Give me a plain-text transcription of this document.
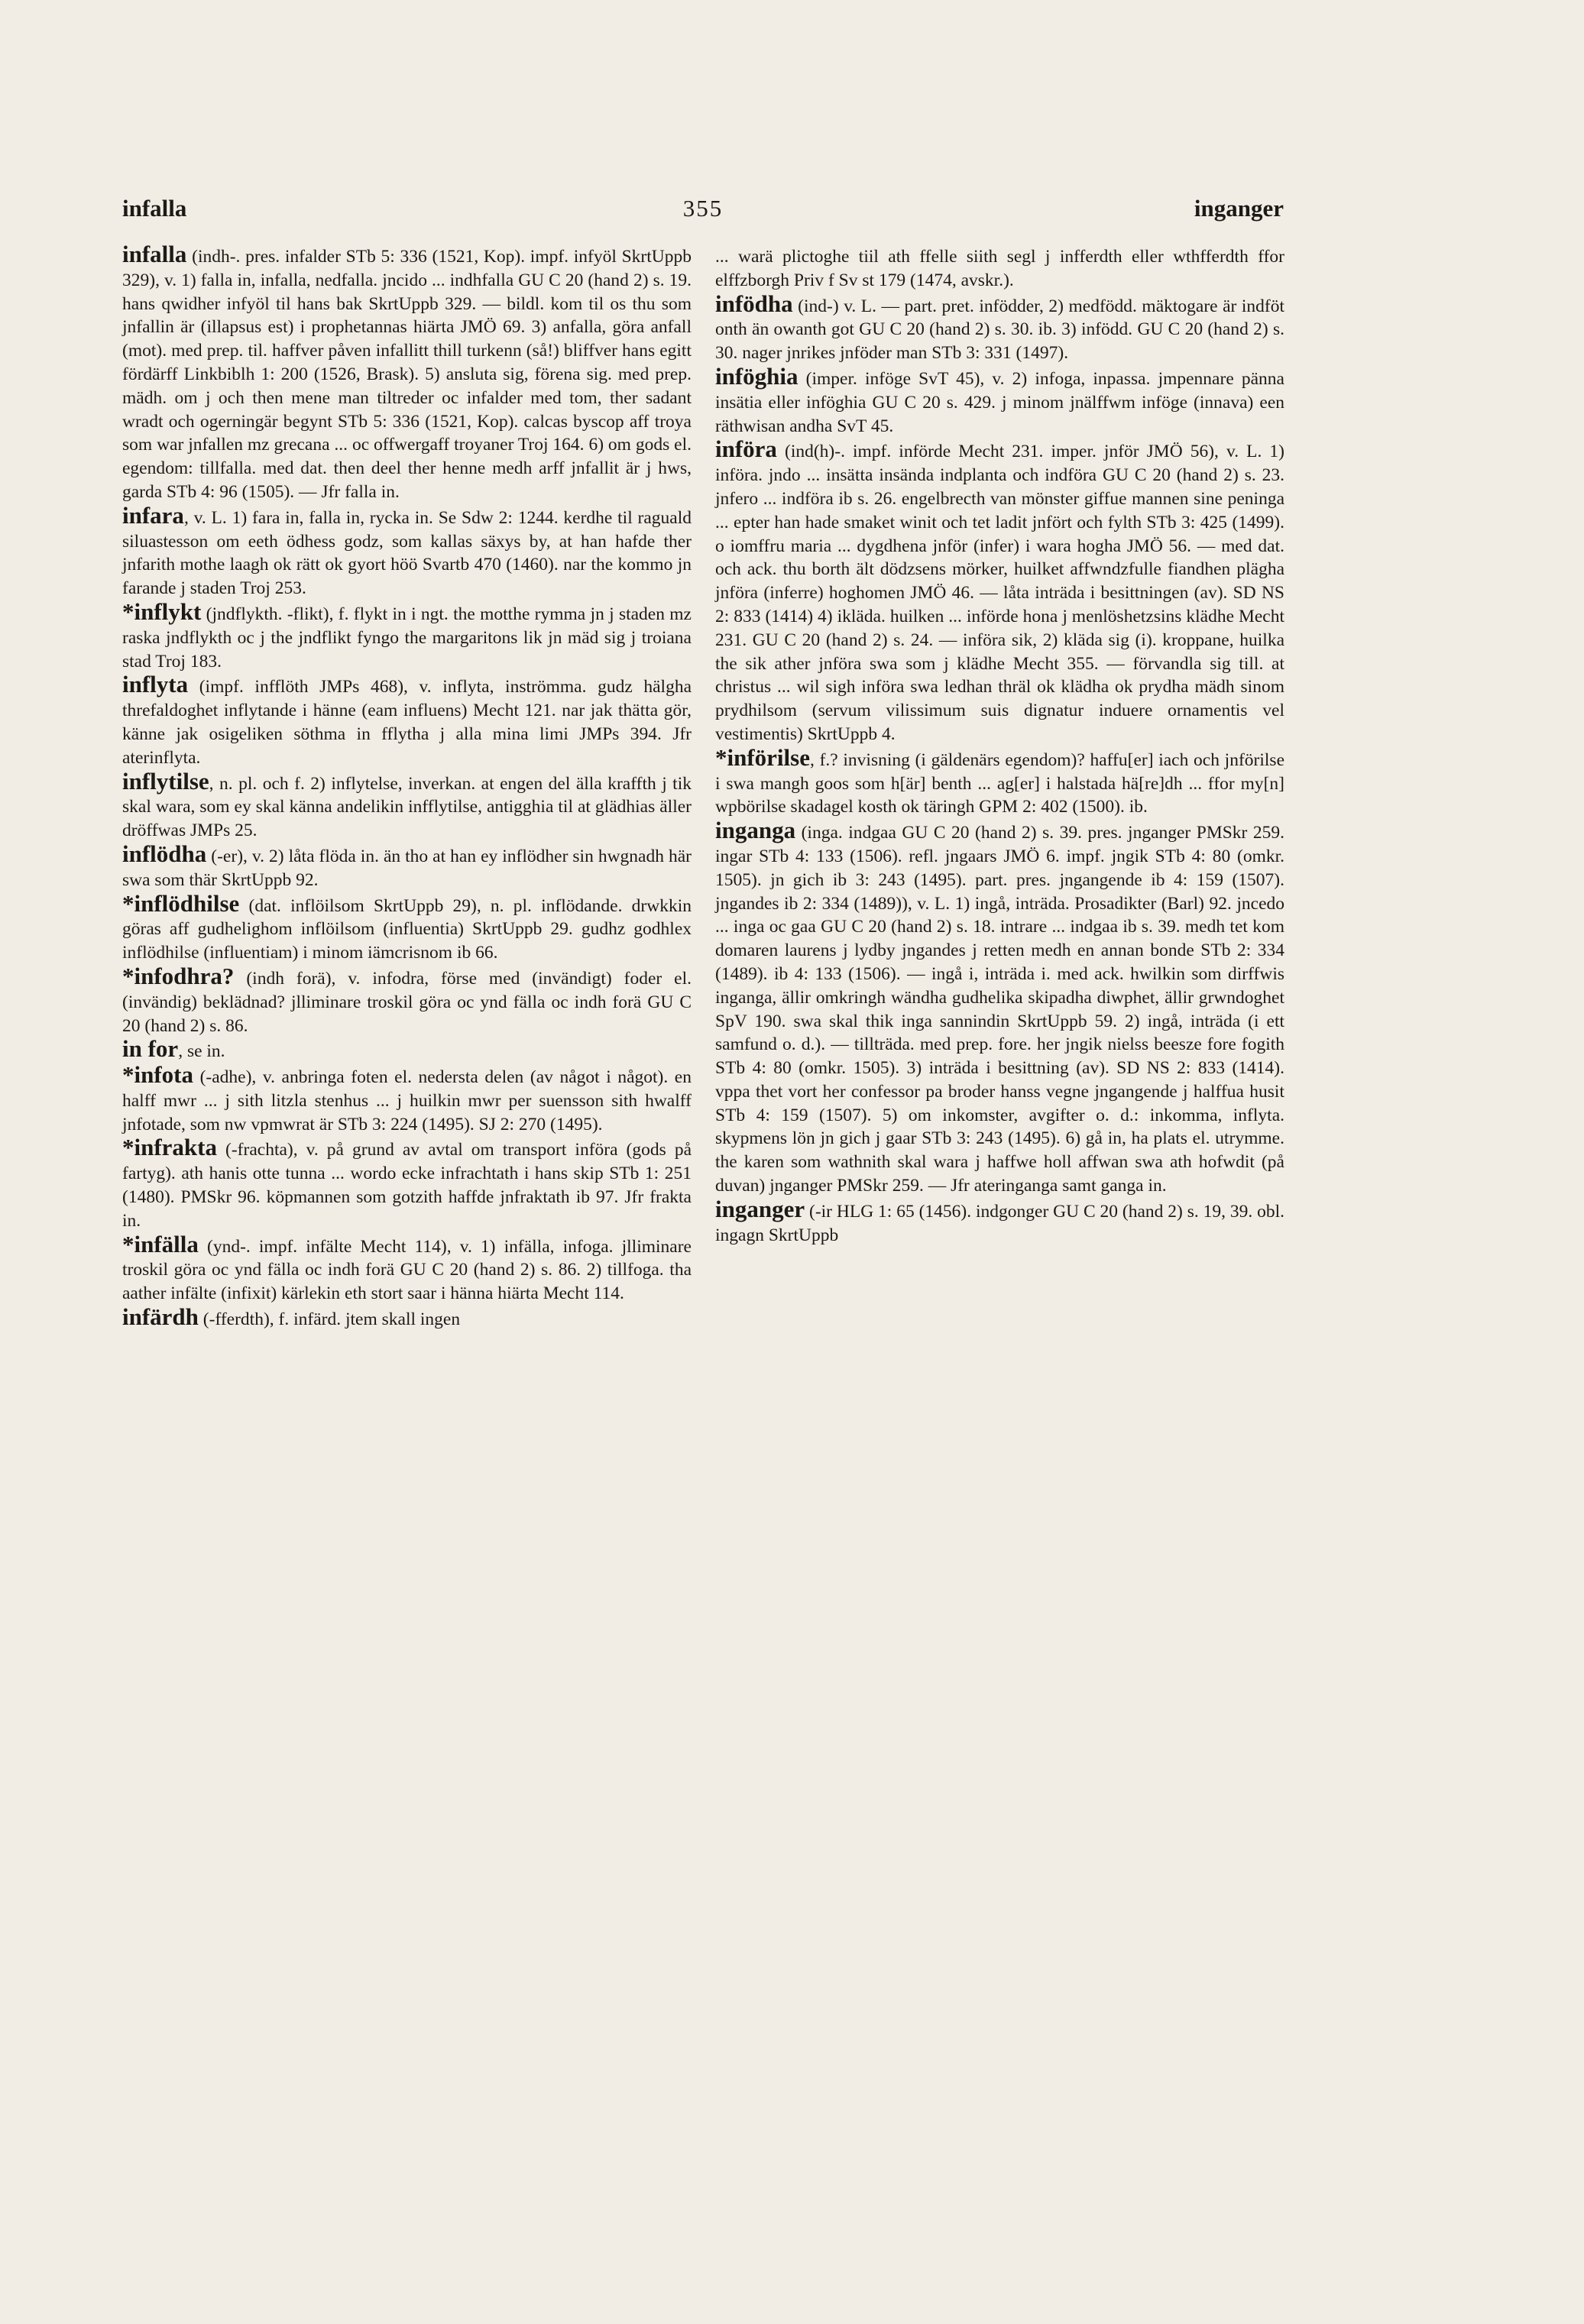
355
infalla	inganger

infalla (indh-. pres. infalder STb 5: 336 (1521, Kop). impf. infyöl SkrtUppb 329), v. 1) falla in, infalla, nedfalla. jncido ... indhfalla GU C 20 (hand 2) s. 19. hans qwidher infyöl til hans bak SkrtUppb 329. — bildl. kom til os thu som jnfallin är (illapsus est) i prophetannas hiärta JMÖ 69. 3) anfalla, göra anfall (mot). med prep. til. haffver påven infallitt thill turkenn (så!) bliffver hans egitt fördärff Linkbiblh 1: 200 (1526, Brask). 5) ansluta sig, förena sig. med prep. mädh. om j och then mene man tiltreder oc infalder med tom, ther sadant wradt och ogerningär begynt STb 5: 336 (1521, Kop). calcas byscop aff troya som war jnfallen mz grecana ... oc offwergaff troyaner Troj 164. 6) om gods el. egendom: tillfalla. med dat. then deel ther henne medh arff jnfallit är j hws, garda STb 4: 96 (1505). — Jfr falla in.

infara, v. L. 1) fara in, falla in, rycka in. Se Sdw 2: 1244. kerdhe til raguald siluastesson om eeth ödhess godz, som kallas säxys by, at han hafde ther jnfarith mothe laagh ok rätt ok gyort höö Svartb 470 (1460). nar the kommo jn farande j staden Troj 253.

*inflykt (jndflykth. -flikt), f. flykt in i ngt. the motthe rymma jn j staden mz raska jndflykth oc j the jndflikt fyngo the margaritons lik jn mäd sig j troiana stad Troj 183.

inflyta (impf. infflöth JMPs 468), v. inflyta, inströmma. gudz hälgha threfaldoghet inflytande i hänne (eam influens) Mecht 121. nar jak thätta gör, känne jak osigeliken söthma in fflytha j alla mina limi JMPs 394. Jfr aterinflyta.

inflytilse, n. pl. och f. 2) inflytelse, inverkan. at engen del älla kraffth j tik skal wara, som ey skal känna andelikin infflytilse, antigghia til at glädhias äller dröffwas JMPs 25.

inflödha (-er), v. 2) låta flöda in. än tho at han ey inflödher sin hwgnadh här swa som thär SkrtUppb 92.

*inflödhilse (dat. inflöilsom SkrtUppb 29), n. pl. inflödande. drwkkin göras aff gudhelighom inflöilsom (influentia) SkrtUppb 29. gudhz godhlex inflödhilse (influentiam) i minom iämcrisnom ib 66.

*infodhra? (indh forä), v. infodra, förse med (invändigt) foder el. (invändig) beklädnad? jlliminare troskil göra oc ynd fälla oc indh forä GU C 20 (hand 2) s. 86.

in for, se in.

*infota (-adhe), v. anbringa foten el. nedersta delen (av något i något). en halff mwr ... j sith litzla stenhus ... j huilkin mwr per suensson sith hwalff jnfotade, som nw vpmwrat är STb 3: 224 (1495). SJ 2: 270 (1495).

*infrakta (-frachta), v. på grund av avtal om transport införa (gods på fartyg). ath hanis otte tunna ... wordo ecke infrachtath i hans skip STb 1: 251 (1480). PMSkr 96. köpmannen som gotzith haffde jnfraktath ib 97. Jfr frakta in.

*infälla (ynd-. impf. infälte Mecht 114), v. 1) infälla, infoga. jlliminare troskil göra oc ynd fälla oc indh forä GU C 20 (hand 2) s. 86. 2) tillfoga. tha aather infälte (infixit) kärlekin eth stort saar i hänna hiärta Mecht 114.

infärdh (-fferdth), f. infärd. jtem skall ingen

... warä plictoghe tiil ath ffelle siith segl j infferdth eller wthfferdth ffor elffzborgh Priv f Sv st 179 (1474, avskr.).

infödha (ind-) v. L. — part. pret. infödder, 2) medfödd. mäktogare är indföt onth än owanth got GU C 20 (hand 2) s. 30. ib. 3) infödd. GU C 20 (hand 2) s. 30. nager jnrikes jnföder man STb 3: 331 (1497).

inföghia (imper. inföge SvT 45), v. 2) infoga, inpassa. jmpennare pänna insätia eller inföghia GU C 20 s. 429. j minom jnälffwm inföge (innava) een räthwisan andha SvT 45.

införa (ind(h)-. impf. införde Mecht 231. imper. jnför JMÖ 56), v. L. 1) införa. jndo ... insätta insända indplanta och indföra GU C 20 (hand 2) s. 23. jnfero ... indföra ib s. 26. engelbrecth van mönster giffue mannen sine peninga ... epter han hade smaket winit och tet ladit jnfört och fylth STb 3: 425 (1499). o iomffru maria ... dygdhena jnför (infer) i wara hogha JMÖ 56. — med dat. och ack. thu borth ält dödzsens mörker, huilket affwndzfulle fiandhen plägha jnföra (inferre) hoghomen JMÖ 46. — låta inträda i besittningen (av). SD NS 2: 833 (1414) 4) ikläda. huilken ... införde hona j menlöshetzsins klädhe Mecht 231. GU C 20 (hand 2) s. 24. — införa sik, 2) kläda sig (i). kroppane, huilka the sik ather jnföra swa som j klädhe Mecht 355. — förvandla sig till. at christus ... wil sigh införa swa ledhan thräl ok klädha ok prydha mädh sinom prydhilsom (servum vilissimum suis dignatur induere ornamentis vel vestimentis) SkrtUppb 4.

*införilse, f.? invisning (i gäldenärs egendom)? haffu[er] iach och jnförilse i swa mangh goos som h[är] benth ... ag[er] i halstada hä[re]dh ... ffor my[n] wpbörilse skadagel kosth ok täringh GPM 2: 402 (1500). ib.

inganga (inga. indgaa GU C 20 (hand 2) s. 39. pres. jnganger PMSkr 259. ingar STb 4: 133 (1506). refl. jngaars JMÖ 6. impf. jngik STb 4: 80 (omkr. 1505). jn gich ib 3: 243 (1495). part. pres. jngangende ib 4: 159 (1507). jngandes ib 2: 334 (1489)), v. L. 1) ingå, inträda. Prosadikter (Barl) 92. jncedo ... inga oc gaa GU C 20 (hand 2) s. 18. intrare ... indgaa ib s. 39. medh tet kom domaren laurens j lydby jngandes j retten medh en annan bonde STb 2: 334 (1489). ib 4: 133 (1506). — ingå i, inträda i. med ack. hwilkin som dirffwis inganga, ällir omkringh wändha gudhelika skipadha diwphet, ällir grwndoghet SpV 190. swa skal thik inga sannindin SkrtUppb 59. 2) ingå, inträda (i ett samfund o. d.). — tillträda. med prep. fore. her jngik nielss beesze fore fogith STb 4: 80 (omkr. 1505). 3) inträda i besittning (av). SD NS 2: 833 (1414). vppa thet vort her confessor pa broder hanss vegne jngangende j halffua husit STb 4: 159 (1507). 5) om inkomster, avgifter o. d.: inkomma, inflyta. skypmens lön jn gich j gaar STb 3: 243 (1495). 6) gå in, ha plats el. utrymme. the karen som wathnith skal wara j haffwe holl affwan swa ath hofwdit (på duvan) jnganger PMSkr 259. — Jfr ateringanga samt ganga in.

inganger (-ir HLG 1: 65 (1456). indgonger GU C 20 (hand 2) s. 19, 39. obl. ingagn SkrtUppb
